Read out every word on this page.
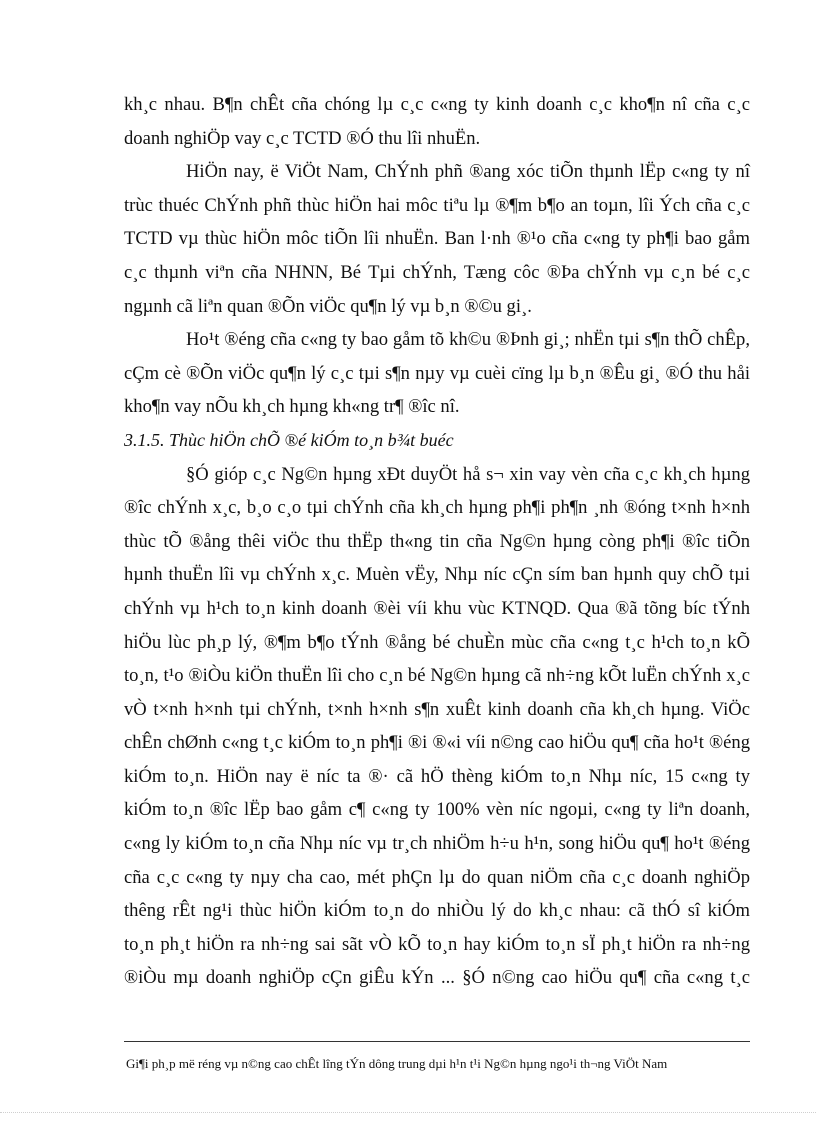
kh¸c nhau. B¶n chÊt cña chóng lµ c¸c c«ng ty kinh doanh c¸c kho¶n nî cña c¸c
doanh nghiÖp vay c¸c TCTD ®Ó thu lîi nhuËn.
HiÖn nay, ë ViÖt Nam, ChÝnh phñ ®ang xóc tiÕn thµnh lËp c«ng ty nî
trùc thuéc ChÝnh phñ thùc hiÖn hai môc tiªu lµ ®¶m b¶o an toµn, lîi Ých cña c¸c
TCTD vµ thùc hiÖn môc tiÕn lîi nhuËn. Ban l·nh ®¹o cña c«ng ty ph¶i bao gåm
c¸c thµnh viªn cña NHNN, Bé Tµi chÝnh, Tæng côc ®Þa chÝnh vµ c¸n bé c¸c
ngµnh cã liªn quan ®Õn viÖc qu¶n lý vµ b¸n ®©u gi¸.
Ho¹t ®éng cña c«ng ty bao gåm tõ kh©u ®Þnh gi¸; nhËn tµi s¶n thÕ chÊp,
cÇm cè ®Õn viÖc qu¶n lý c¸c tµi s¶n nµy vµ cuèi cïng lµ b¸n ®Êu gi¸ ®Ó thu håi
kho¶n vay nÕu kh¸ch hµng kh«ng tr¶ ®îc nî.
3.1.5. Thùc hiÖn chÕ ®é kiÓm to¸n b¾t buéc
§Ó gióp c¸c Ng©n hµng xÐt duyÖt hå s¬ xin vay vèn cña c¸c kh¸ch hµng
®îc chÝnh x¸c, b¸o c¸o tµi chÝnh cña kh¸ch hµng ph¶i ph¶n ¸nh ®óng t×nh h×nh
thùc tÕ ®ång thêi viÖc thu thËp th«ng tin cña Ng©n hµng còng ph¶i ®îc tiÕn
hµnh thuËn lîi vµ chÝnh x¸c. Muèn vËy, Nhµ níc cÇn sím ban hµnh quy chÕ tµi
chÝnh vµ h¹ch to¸n kinh doanh ®èi víi khu vùc KTNQD. Qua ®ã tõng bíc tÝnh
hiÖu lùc ph¸p lý, ®¶m b¶o tÝnh ®ång bé chuÈn mùc cña c«ng t¸c h¹ch to¸n kÕ
to¸n, t¹o ®iÒu kiÖn thuËn lîi cho c¸n bé Ng©n hµng cã nh÷ng kÕt luËn chÝnh x¸c
vÒ t×nh h×nh tµi chÝnh, t×nh h×nh s¶n xuÊt kinh doanh cña kh¸ch hµng. ViÖc
chÊn chØnh c«ng t¸c kiÓm to¸n ph¶i ®i ®«i víi n©ng cao hiÖu qu¶ cña ho¹t ®éng
kiÓm to¸n. HiÖn nay ë níc ta ®· cã hÖ thèng kiÓm to¸n Nhµ níc, 15 c«ng ty
kiÓm to¸n ®îc lËp bao gåm c¶ c«ng ty 100% vèn níc ngoµi, c«ng ty liªn doanh,
c«ng ly kiÓm to¸n cña Nhµ níc vµ tr¸ch nhiÖm h÷u h¹n, song hiÖu qu¶ ho¹t ®éng
cña c¸c c«ng ty nµy cha cao, mét phÇn lµ do quan niÖm cña c¸c doanh nghiÖp
thêng rÊt ng¹i thùc hiÖn kiÓm to¸n do nhiÒu lý do kh¸c nhau: cã thÓ sî kiÓm
to¸n ph¸t hiÖn ra nh÷ng sai sãt vÒ kÕ to¸n hay kiÓm to¸n sÏ ph¸t hiÖn ra nh÷ng
®iÒu mµ doanh nghiÖp cÇn giÊu kÝn ... §Ó n©ng cao hiÖu qu¶ cña c«ng t¸c
Gi¶i ph¸p më réng vµ n©ng cao chÊt lîng tÝn dông trung dµi h¹n t¹i Ng©n hµng ngo¹i th¬ng ViÖt Nam
